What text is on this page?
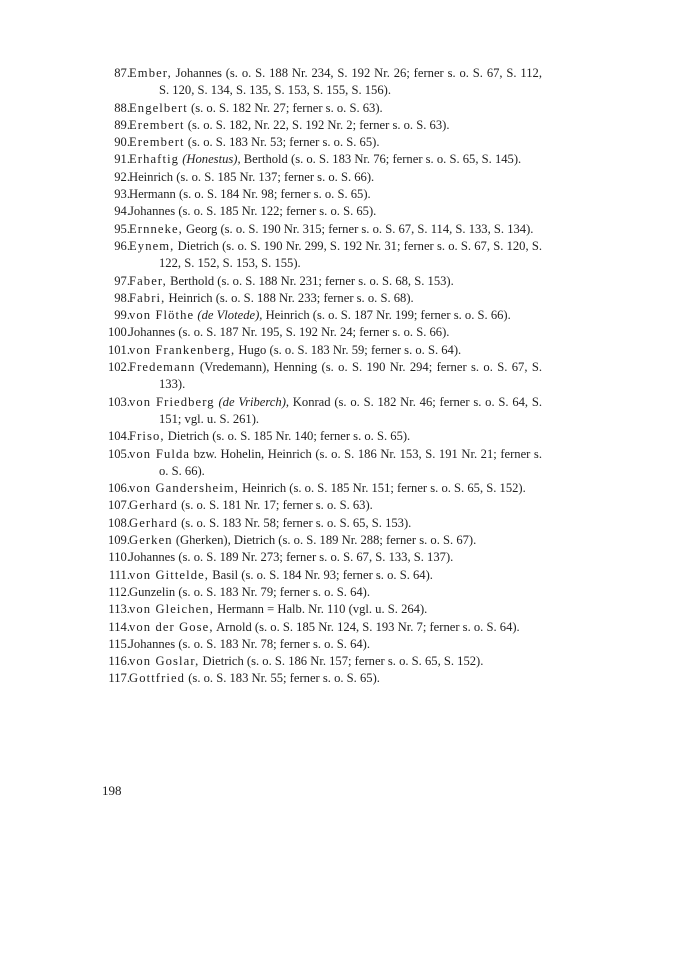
87. Ember, Johannes (s. o. S. 188 Nr. 234, S. 192 Nr. 26; ferner s. o. S. 67, S. 112, S. 120, S. 134, S. 135, S. 153, S. 155, S. 156).
88. Engelbert (s. o. S. 182 Nr. 27; ferner s. o. S. 63).
89. Erembert (s. o. S. 182, Nr. 22, S. 192 Nr. 2; ferner s. o. S. 63).
90. Erembert (s. o. S. 183 Nr. 53; ferner s. o. S. 65).
91. Erhaftig (Honestus), Berthold (s. o. S. 183 Nr. 76; ferner s. o. S. 65, S. 145).
92. Heinrich (s. o. S. 185 Nr. 137; ferner s. o. S. 66).
93. Hermann (s. o. S. 184 Nr. 98; ferner s. o. S. 65).
94. Johannes (s. o. S. 185 Nr. 122; ferner s. o. S. 65).
95. Ernneke, Georg (s. o. S. 190 Nr. 315; ferner s. o. S. 67, S. 114, S. 133, S. 134).
96. Eynem, Dietrich (s. o. S. 190 Nr. 299, S. 192 Nr. 31; ferner s. o. S. 67, S. 120, S. 122, S. 152, S. 153, S. 155).
97. Faber, Berthold (s. o. S. 188 Nr. 231; ferner s. o. S. 68, S. 153).
98. Fabri, Heinrich (s. o. S. 188 Nr. 233; ferner s. o. S. 68).
99. von Flöthe (de Vlotede), Heinrich (s. o. S. 187 Nr. 199; ferner s. o. S. 66).
100. Johannes (s. o. S. 187 Nr. 195, S. 192 Nr. 24; ferner s. o. S. 66).
101. von Frankenberg, Hugo (s. o. S. 183 Nr. 59; ferner s. o. S. 64).
102. Fredemann (Vredemann), Henning (s. o. S. 190 Nr. 294; ferner s. o. S. 67, S. 133).
103. von Friedberg (de Vriberch), Konrad (s. o. S. 182 Nr. 46; ferner s. o. S. 64, S. 151; vgl. u. S. 261).
104. Friso, Dietrich (s. o. S. 185 Nr. 140; ferner s. o. S. 65).
105. von Fulda bzw. Hohelin, Heinrich (s. o. S. 186 Nr. 153, S. 191 Nr. 21; ferner s. o. S. 66).
106. von Gandersheim, Heinrich (s. o. S. 185 Nr. 151; ferner s. o. S. 65, S. 152).
107. Gerhard (s. o. S. 181 Nr. 17; ferner s. o. S. 63).
108. Gerhard (s. o. S. 183 Nr. 58; ferner s. o. S. 65, S. 153).
109. Gerken (Gherken), Dietrich (s. o. S. 189 Nr. 288; ferner s. o. S. 67).
110. Johannes (s. o. S. 189 Nr. 273; ferner s. o. S. 67, S. 133, S. 137).
111. von Gittelde, Basil (s. o. S. 184 Nr. 93; ferner s. o. S. 64).
112. Gunzelin (s. o. S. 183 Nr. 79; ferner s. o. S. 64).
113. von Gleichen, Hermann = Halb. Nr. 110 (vgl. u. S. 264).
114. von der Gose, Arnold (s. o. S. 185 Nr. 124, S. 193 Nr. 7; ferner s. o. S. 64).
115. Johannes (s. o. S. 183 Nr. 78; ferner s. o. S. 64).
116. von Goslar, Dietrich (s. o. S. 186 Nr. 157; ferner s. o. S. 65, S. 152).
117. Gottfried (s. o. S. 183 Nr. 55; ferner s. o. S. 65).
198
